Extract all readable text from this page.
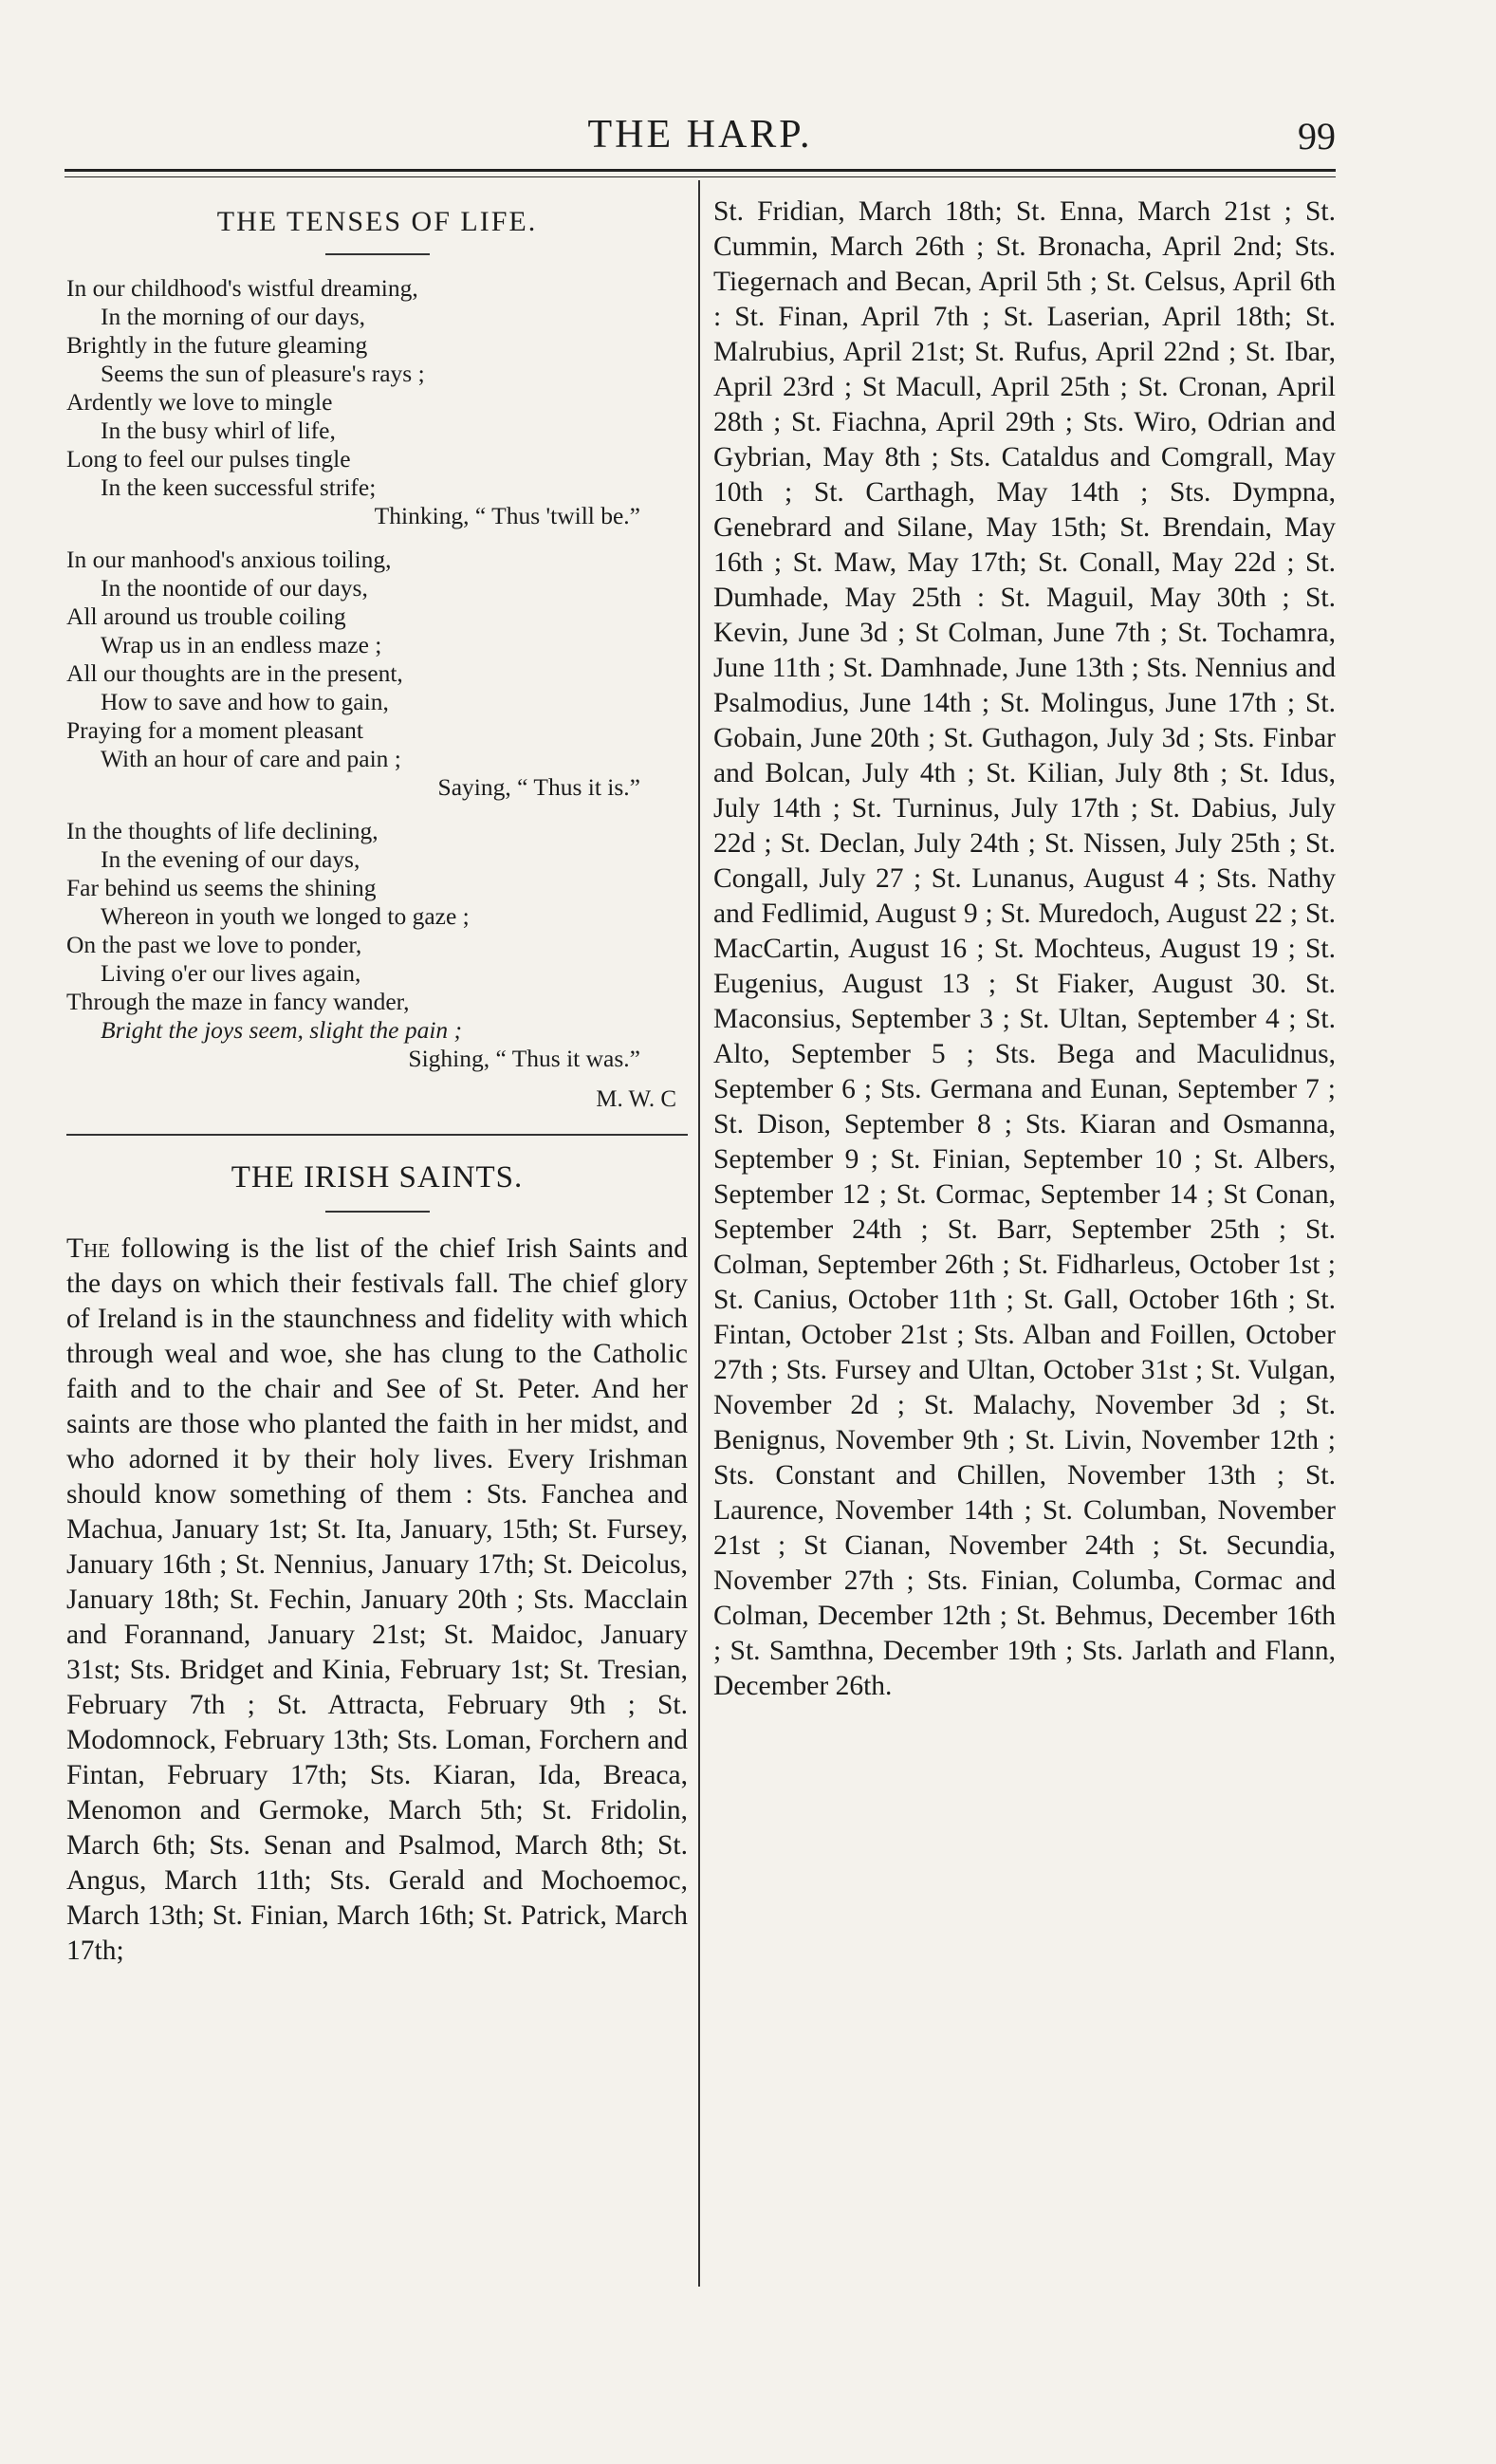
THE HARP.	99
THE TENSES OF LIFE.
In our childhood's wistful dreaming,
In the morning of our days,
Brightly in the future gleaming
Seems the sun of pleasure's rays ;
Ardently we love to mingle
In the busy whirl of life,
Long to feel our pulses tingle
In the keen successful strife;
Thinking, “ Thus 'twill be.”
In our manhood's anxious toiling,
In the noontide of our days,
All around us trouble coiling
Wrap us in an endless maze ;
All our thoughts are in the present,
How to save and how to gain,
Praying for a moment pleasant
With an hour of care and pain ;
Saying, “ Thus it is.”
In the thoughts of life declining,
In the evening of our days,
Far behind us seems the shining
Whereon in youth we longed to gaze ;
On the past we love to ponder,
Living o'er our lives again,
Through the maze in fancy wander,
Bright the joys seem, slight the pain ;
Sighing, “ Thus it was.”
M. W. C
THE IRISH SAINTS.
The following is the list of the chief Irish Saints and the days on which their festivals fall. The chief glory of Ireland is in the staunchness and fidelity with which through weal and woe, she has clung to the Catholic faith and to the chair and See of St. Peter. And her saints are those who planted the faith in her midst, and who adorned it by their holy lives. Every Irishman should know something of them : Sts. Fanchea and Machua, January 1st; St. Ita, January, 15th; St. Fursey, January 16th ; St. Nennius, January 17th; St. Deicolus, January 18th; St. Fechin, January 20th ; Sts. Macclain and Forannand, January 21st; St. Maidoc, January 31st; Sts. Bridget and Kinia, February 1st; St. Tresian, February 7th ; St. Attracta, February 9th ; St. Modomnock, February 13th; Sts. Loman, Forchern and Fintan, February 17th; Sts. Kiaran, Ida, Breaca, Menomon and Germoke, March 5th; St. Fridolin, March 6th; Sts. Senan and Psalmod, March 8th; St. Angus, March 11th; Sts. Gerald and Mochoemoc, March 13th; St. Finian, March 16th; St. Patrick, March 17th;
St. Fridian, March 18th; St. Enna, March 21st ; St. Cummin, March 26th ; St. Bronacha, April 2nd; Sts. Tiegernach and Becan, April 5th ; St. Celsus, April 6th : St. Finan, April 7th ; St. Laserian, April 18th; St. Malrubius, April 21st; St. Rufus, April 22nd ; St. Ibar, April 23rd ; St Macull, April 25th ; St. Cronan, April 28th ; St. Fiachna, April 29th ; Sts. Wiro, Odrian and Gybrian, May 8th ; Sts. Cataldus and Comgrall, May 10th ; St. Carthagh, May 14th ; Sts. Dympna, Genebrard and Silane, May 15th; St. Brendain, May 16th ; St. Maw, May 17th; St. Conall, May 22d ; St. Dumhade, May 25th : St. Maguil, May 30th ; St. Kevin, June 3d ; St Colman, June 7th ; St. Tochamra, June 11th ; St. Damhnade, June 13th ; Sts. Nennius and Psalmodius, June 14th ; St. Molingus, June 17th ; St. Gobain, June 20th ; St. Guthagon, July 3d ; Sts. Finbar and Bolcan, July 4th ; St. Kilian, July 8th ; St. Idus, July 14th ; St. Turninus, July 17th ; St. Dabius, July 22d ; St. Declan, July 24th ; St. Nissen, July 25th ; St. Congall, July 27 ; St. Lunanus, August 4 ; Sts. Nathy and Fedlimid, August 9 ; St. Muredoch, August 22 ; St. MacCartin, August 16 ; St. Mochteus, August 19 ; St. Eugenius, August 13 ; St Fiaker, August 30. St. Maconsius, September 3 ; St. Ultan, September 4 ; St. Alto, September 5 ; Sts. Bega and Maculidnus, September 6 ; Sts. Germana and Eunan, September 7 ; St. Dison, September 8 ; Sts. Kiaran and Osmanna, September 9 ; St. Finian, September 10 ; St. Albers, September 12 ; St. Cormac, September 14 ; St Conan, September 24th ; St. Barr, September 25th ; St. Colman, September 26th ; St. Fidharleus, October 1st ; St. Canius, October 11th ; St. Gall, October 16th ; St. Fintan, October 21st ; Sts. Alban and Foillen, October 27th ; Sts. Fursey and Ultan, October 31st ; St. Vulgan, November 2d ; St. Malachy, November 3d ; St. Benignus, November 9th ; St. Livin, November 12th ; Sts. Constant and Chillen, November 13th ; St. Laurence, November 14th ; St. Columban, November 21st ; St Cianan, November 24th ; St. Secundia, November 27th ; Sts. Finian, Columba, Cormac and Colman, December 12th ; St. Behmus, December 16th ; St. Samthna, December 19th ; Sts. Jarlath and Flann, December 26th.
